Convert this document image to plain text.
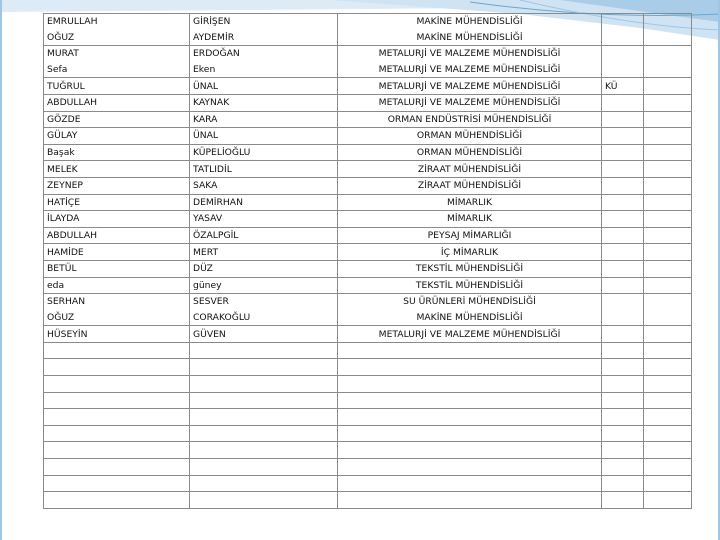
EMRULLAH	GİRİŞEN	MAKİNE MÜHENDİSLİĞİ		
OĞUZ	AYDEMİR	MAKİNE MÜHENDİSLİĞİ		
MURAT	ERDOĞAN	METALURJİ VE MALZEME MÜHENDİSLİĞİ		
Sefa	Eken	METALURJİ VE MALZEME MÜHENDİSLİĞİ		
TUĞRUL	ÜNAL	METALURJİ VE MALZEME MÜHENDİSLİĞİ	KÜ	
ABDULLAH	KAYNAK	METALURJİ VE MALZEME MÜHENDİSLİĞİ		
GÖZDE	KARA	ORMAN ENDÜSTRİSİ MÜHENDİSLİĞİ		
GÜLAY	ÜNAL	ORMAN MÜHENDİSLİĞİ		
Başak	KÜPELİOĞLU	ORMAN MÜHENDİSLİĞİ		
MELEK	TATLIDİL	ZİRAAT MÜHENDİSLİĞİ		
ZEYNEP	SAKA	ZİRAAT MÜHENDİSLİĞİ		
HATİÇE	DEMİRHAN	MİMARLIK		
İLAYDA	YASAV	MİMARLIK		
ABDULLAH	ÖZALPGİL	PEYSAJ MİMARLIĞI		
HAMİDE	MERT	İÇ MİMARLIK		
BETÜL	DÜZ	TEKSTİL MÜHENDİSLİĞİ		
eda	güney	TEKSTİL MÜHENDİSLİĞİ		
SERHAN	SESVER	SU ÜRÜNLERİ MÜHENDİSLİĞİ		
OĞUZ	CORAKOĞLU	MAKİNE MÜHENDİSLİĞİ		
HÜSEYİN	GÜVEN	METALURJİ VE MALZEME MÜHENDİSLİĞİ		
